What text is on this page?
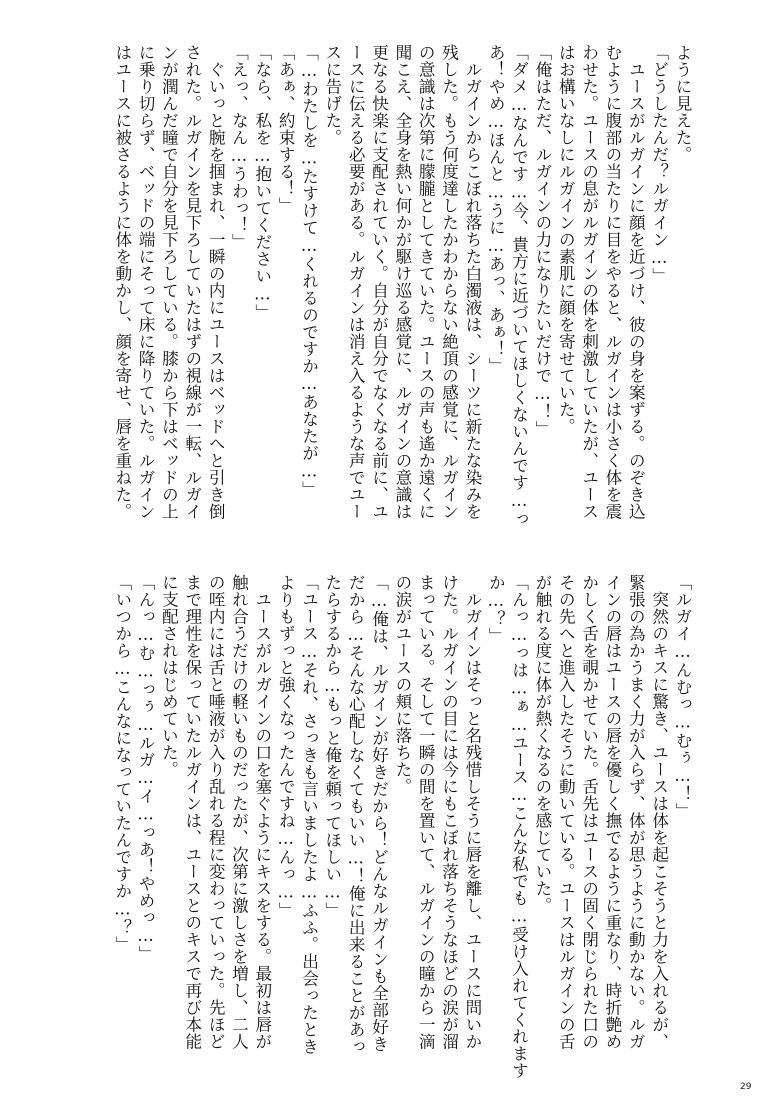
ように見えた。
「どうしたんだ？ルガイン…」
　ユースがルガインに顔を近づけ、彼の身を案ずる。のぞき込
むように腹部の当たりに目をやると、ルガインは小さく体を震
わせた。ユースの息がルガインの体を刺激していたが、ユース
はお構いなしにルガインの素肌に顔を寄せていた。
「俺はただ、ルガインの力になりたいだけで…！」
「ダメ…なんです…今、貴方に近づいてほしくないんです…っ
あ！やめ…ほんと…うに…あっ、あぁ！」
　ルガインからこぼれ落ちた白濁液は、シーツに新たな染みを
残した。もう何度達したかわからない絶頂の感覚に、ルガイン
の意識は次第に朦朧としてきていた。ユースの声も遙か遠くに
聞こえ、全身を熱い何かが駆け巡る感覚に、ルガインの意識は
更なる快楽に支配されていく。自分が自分でなくなる前に、ユ
ースに伝える必要がある。ルガインは消え入るような声でユー
スに告げた。
「…わたしを…たすけて…くれるのですか…あなたが…」
「あぁ、約束する！」
「なら、私を…抱いてください…」
「えっ、なん…うわっ！」
　ぐいっと腕を掴まれ、一瞬の内にユースはベッドへと引き倒
された。ルガインを見下ろしていたはずの視線が一転、ルガイ
ンが潤んだ瞳で自分を見下ろしている。膝から下はベッドの上
に乗り切らず、ベッドの端にそって床に降りていた。ルガイン
はユースに被さるように体を動かし、顔を寄せ、唇を重ねた。
「ルガイ…んむっ…むぅ…！」
　突然のキスに驚き、ユースは体を起こそうと力を入れるが、
緊張の為かうまく力が入らず、体が思うように動かない。ルガ
インの唇はユースの唇を優しく撫でるように重なり、時折艶め
かしく舌を覗かせていた。舌先はユースの固く閉じられた口の
その先へと進入したそうに動いている。ユースはルガインの舌
が触れる度に体が熱くなるのを感じていた。
「んっ…っは…ぁ…ユース…こんな私でも…受け入れてくれます
か…？」
　ルガインはそっと名残惜しそうに唇を離し、ユースに問いか
けた。ルガインの目には今にもこぼれ落ちそうなほどの涙が溜
まっている。そして一瞬の間を置いて、ルガインの瞳から一滴
の涙がユースの頬に落ちた。
「…俺は、ルガインが好きだから！どんなルガインも全部好き
だから…そんな心配しなくてもいい…！俺に出来ることがあっ
たらするから…もっと俺を頼ってほしい…」
「ユース…それ、さっきも言いましたよ…ふふ。出会ったとき
よりもずっと強くなったんですね…んっ…」
　ユースがルガインの口を塞ぐようにキスをする。最初は唇が
触れ合うだけの軽いものだったが、次第に激しさを増し、二人
の咥内には舌と唾液が入り乱れる程に変わっていった。先ほど
まで理性を保っていたルガインは、ユースとのキスで再び本能
に支配されはじめていた。
「んっ…む…っぅ…ルガ…イ…っあ！やめっ…」
「いつから…こんなになっていたんですか…？」
29
